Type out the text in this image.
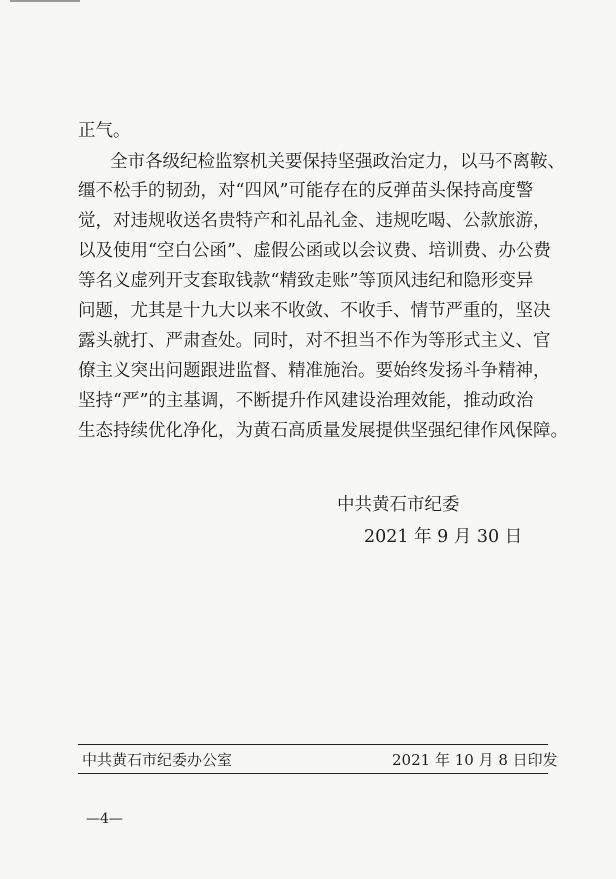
正气。
全市各级纪检监察机关要保持坚强政治定力，以马不离鞍、
缰不松手的韧劲，对“四风”可能存在的反弹苗头保持高度警
觉，对违规收送名贵特产和礼品礼金、违规吃喝、公款旅游，
以及使用“空白公函”、虚假公函或以会议费、培训费、办公费
等名义虚列开支套取钱款“精致走账”等顶风违纪和隐形变异
问题，尤其是十九大以来不收敛、不收手、情节严重的，坚决
露头就打、严肃查处。同时，对不担当不作为等形式主义、官
僚主义突出问题跟进监督、精准施治。要始终发扬斗争精神，
坚持“严”的主基调，不断提升作风建设治理效能，推动政治
生态持续优化净化，为黄石高质量发展提供坚强纪律作风保障。
中共黄石市纪委
2021 年 9 月 30 日
中共黄石市纪委办公室	2021 年 10 月 8 日印发
—4—
